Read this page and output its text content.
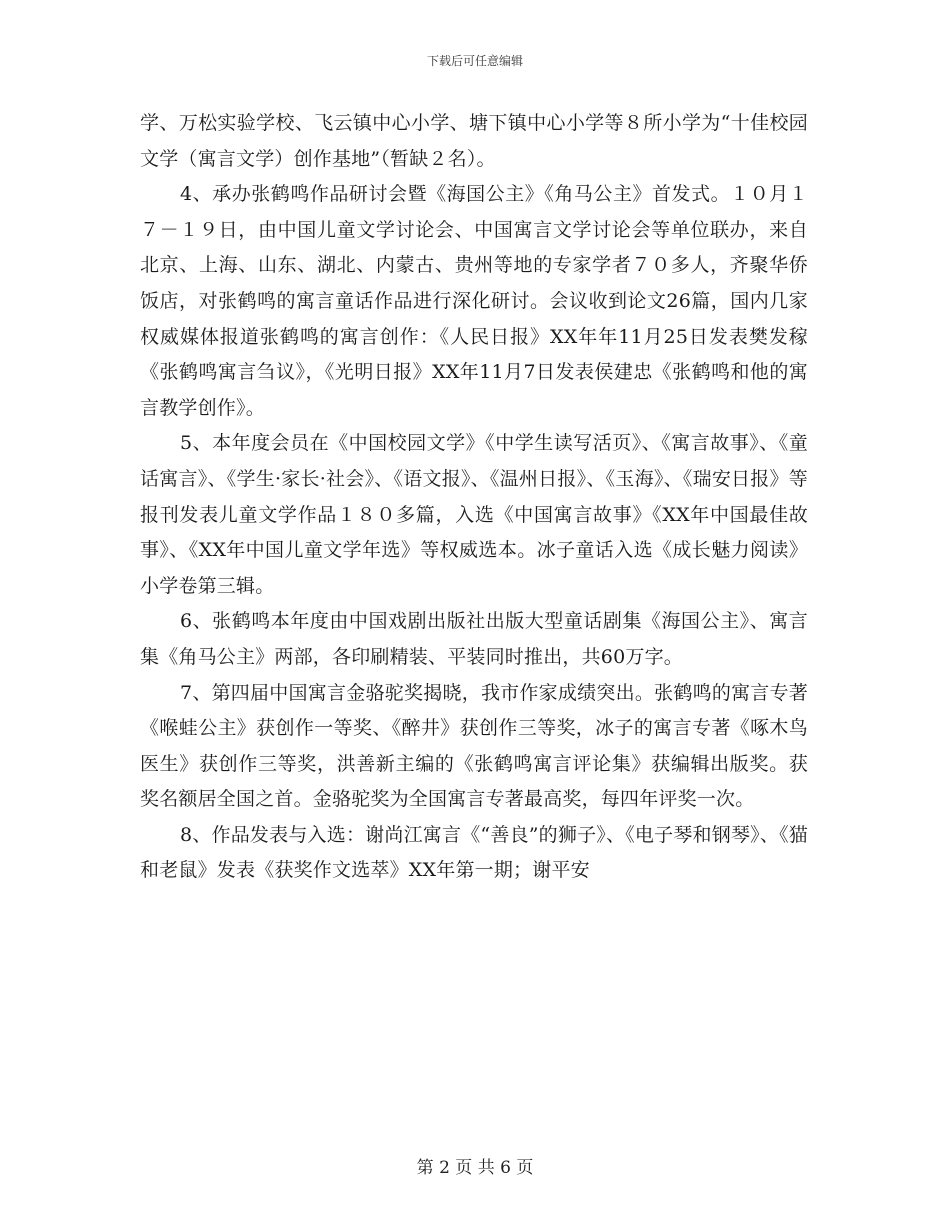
下载后可任意编辑

学、万松实验学校、飞云镇中心小学、塘下镇中心小学等８所小学为“十佳校园文学（寓言文学）创作基地”（暂缺２名）。

4、承办张鹤鸣作品研讨会暨《海国公主》《角马公主》首发式。１０月１７－１９日，由中国儿童文学讨论会、中国寓言文学讨论会等单位联办，来自北京、上海、山东、湖北、内蒙古、贵州等地的专家学者７０多人，齐聚华侨饭店，对张鹤鸣的寓言童话作品进行深化研讨。会议收到论文26篇，国内几家权威媒体报道张鹤鸣的寓言创作：《人民日报》XX年年11月25日发表樊发稼《张鹤鸣寓言刍议》，《光明日报》XX年11月7日发表侯建忠《张鹤鸣和他的寓言教学创作》。

5、本年度会员在《中国校园文学》《中学生读写活页》、《寓言故事》、《童话寓言》、《学生·家长·社会》、《语文报》、《温州日报》、《玉海》、《瑞安日报》等报刊发表儿童文学作品１８０多篇，入选《中国寓言故事》《XX年中国最佳故事》、《XX年中国儿童文学年选》等权威选本。冰子童话入选《成长魅力阅读》小学卷第三辑。

6、张鹤鸣本年度由中国戏剧出版社出版大型童话剧集《海国公主》、寓言集《角马公主》两部，各印刷精装、平装同时推出，共60万字。

7、第四届中国寓言金骆驼奖揭晓，我市作家成绩突出。张鹤鸣的寓言专著《喉蛙公主》获创作一等奖、《醉井》获创作三等奖，冰子的寓言专著《啄木鸟医生》获创作三等奖，洪善新主编的《张鹤鸣寓言评论集》获编辑出版奖。获奖名额居全国之首。金骆驼奖为全国寓言专著最高奖，每四年评奖一次。

8、作品发表与入选：谢尚江寓言《“善良”的狮子》、《电子琴和钢琴》、《猫和老鼠》发表《获奖作文选萃》XX年第一期；谢平安

第 2 页 共 6 页
